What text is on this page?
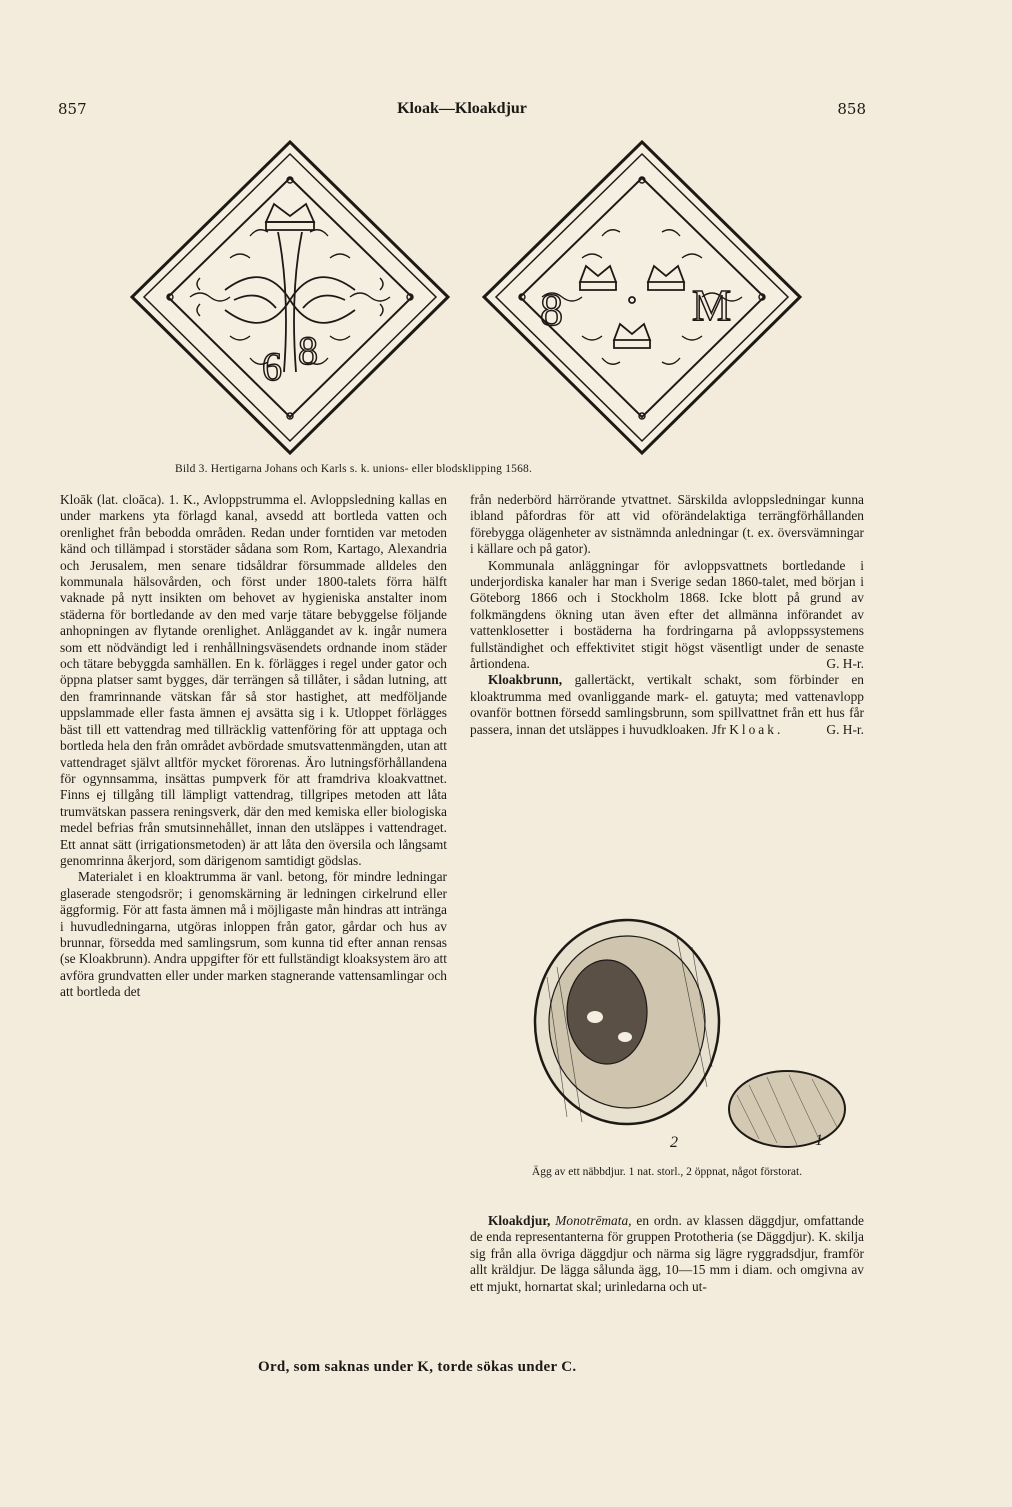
857	Kloak—Kloakdjur	858
6 8
8	M
Bild 3. Hertigarna Johans och Karls s. k. unions- eller blodsklipping 1568.

Kloāk (lat. cloāca). 1. K., Avloppstrumma el. Avloppsledning kallas en under markens yta förlagd kanal, avsedd att bortleda vatten och orenlighet från bebodda områden. Redan under forntiden var metoden känd och tillämpad i storstäder sådana som Rom, Kartago, Alexandria och Jerusalem, men senare tidsåldrar försummade alldeles den kommunala hälsovården, och först under 1800-talets förra hälft vaknade på nytt insikten om behovet av hygieniska anstalter inom städerna för bortledande av den med varje tätare bebyggelse följande anhopningen av flytande orenlighet. Anläggandet av k. ingår numera som ett nödvändigt led i renhållningsväsendets ordnande inom städer och tätare bebyggda samhällen. En k. förlägges i regel under gator och öppna platser samt bygges, där terrängen så tillåter, i sådan lutning, att den framrinnande vätskan får så stor hastighet, att medföljande uppslammade eller fasta ämnen ej avsätta sig i k. Utloppet förlägges bäst till ett vattendrag med tillräcklig vattenföring för att upptaga och bortleda hela den från området avbördade smutsvattenmängden, utan att vattendraget självt alltför mycket förorenas. Äro lutningsförhållandena för ogynnsamma, insättas pumpverk för att framdriva kloakvattnet. Finns ej tillgång till lämpligt vattendrag, tillgripes metoden att låta trumvätskan passera reningsverk, där den med kemiska eller biologiska medel befrias från smutsinnehållet, innan den utsläppes i vattendraget. Ett annat sätt (irrigationsmetoden) är att låta den översila och långsamt genomrinna åkerjord, som därigenom samtidigt gödslas.

Materialet i en kloaktrumma är vanl. betong, för mindre ledningar glaserade stengodsrör; i genomskärning är ledningen cirkelrund eller äggformig. För att fasta ämnen må i möjligaste mån hindras att inträngа i huvudledningarna, utgöras inloppen från gator, gårdar och hus av brunnar, försedda med samlingsrum, som kunna tid efter annan rensas (se Kloakbrunn). Andra uppgifter för ett fullständigt kloaksystem äro att avföra grundvatten eller under marken stagnerande vattensamlingar och att bortleda det

från nederbörd härrörande ytvattnet. Särskilda avloppsledningar kunna ibland påfordras för att vid oförändelaktiga terrängförhållanden förebygga olägenheter av sistnämnda anledningar (t. ex. översvämningar i källare och på gator).

Kommunala anläggningar för avloppsvattnets bortledande i underjordiska kanaler har man i Sverige sedan 1860-talet, med början i Göteborg 1866 och i Stockholm 1868. Icke blott på grund av folkmängdens ökning utan även efter det allmänna införandet av vattenklosetter i bostäderna ha fordringarna på avloppssystemens fullständighet och effektivitet stigit högst väsentligt under de senaste årtiondena.	G. H-r.

Kloakbrunn, gallertäckt, vertikalt schakt, som förbinder en kloaktrumma med ovanliggande mark- el. gatuyta; med vattenavlopp ovanför bottnen försedd samlingsbrunn, som spillvattnet från ett hus får passera, innan det utsläppes i huvudkloaken. Jfr Kloak.	G. H-r.

2	1
Ägg av ett näbbdjur. 1 nat. storl., 2 öppnat, något förstorat.

Kloakdjur, Monotrēmata, en ordn. av klassen däggdjur, omfattande de enda representanterna för gruppen Prototheria (se Däggdjur). K. skilja sig från alla övriga däggdjur och närma sig lägre ryggradsdjur, framför allt kräldjur. De lägga sålunda ägg, 10—15 mm i diam. och omgivna av ett mjukt, hornartat skal; urinledarna och ut-

Ord, som saknas under K, torde sökas under C.
